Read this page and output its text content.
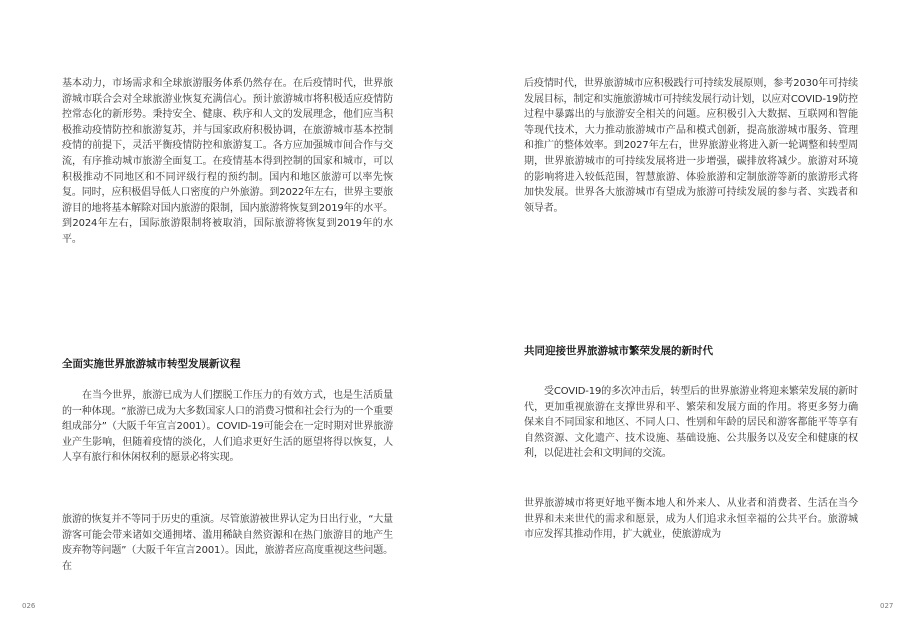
基本动力，市场需求和全球旅游服务体系仍然存在。在后疫情时代，世界旅游城市联合会对全球旅游业恢复充满信心。预计旅游城市将积极适应疫情防控常态化的新形势。秉持安全、健康、秩序和人文的发展理念，他们应当积极推动疫情防控和旅游复苏，并与国家政府积极协调，在旅游城市基本控制疫情的前提下，灵活平衡疫情防控和旅游复工。各方应加强城市间合作与交流，有序推动城市旅游全面复工。在疫情基本得到控制的国家和城市，可以积极推动不同地区和不同评级行程的预约制。国内和地区旅游可以率先恢复。同时，应积极倡导低人口密度的户外旅游。到2022年左右，世界主要旅游目的地将基本解除对国内旅游的限制，国内旅游将恢复到2019年的水平。到2024年左右，国际旅游限制将被取消，国际旅游将恢复到2019年的水平。

全面实施世界旅游城市转型发展新议程

在当今世界，旅游已成为人们摆脱工作压力的有效方式，也是生活质量的一种体现。“旅游已成为大多数国家人口的消费习惯和社会行为的一个重要组成部分”（大阪千年宣言2001）。COVID-19可能会在一定时期对世界旅游业产生影响，但随着疫情的淡化，人们追求更好生活的愿望将得以恢复，人人享有旅行和休闲权利的愿景必将实现。

旅游的恢复并不等同于历史的重演。尽管旅游被世界认定为日出行业，“大量游客可能会带来诸如交通拥堵、滥用稀缺自然资源和在热门旅游目的地产生废弃物等问题”（大阪千年宣言2001）。因此，旅游者应高度重视这些问题。在

026

后疫情时代，世界旅游城市应积极践行可持续发展原则，参考2030年可持续发展目标，制定和实施旅游城市可持续发展行动计划，以应对COVID-19防控过程中暴露出的与旅游安全相关的问题。应积极引入大数据、互联网和智能等现代技术，大力推动旅游城市产品和模式创新，提高旅游城市服务、管理和推广的整体效率。到2027年左右，世界旅游业将进入新一轮调整和转型周期，世界旅游城市的可持续发展将进一步增强，碳排放将减少。旅游对环境的影响将进入较低范围，智慧旅游、体验旅游和定制旅游等新的旅游形式将加快发展。世界各大旅游城市有望成为旅游可持续发展的参与者、实践者和领导者。

共同迎接世界旅游城市繁荣发展的新时代

受COVID-19的多次冲击后，转型后的世界旅游业将迎来繁荣发展的新时代，更加重视旅游在支撑世界和平、繁荣和发展方面的作用。将更多努力确保来自不同国家和地区、不同人口、性别和年龄的居民和游客都能平等享有自然资源、文化遗产、技术设施、基础设施、公共服务以及安全和健康的权利，以促进社会和文明间的交流。

世界旅游城市将更好地平衡本地人和外来人、从业者和消费者、生活在当今世界和未来世代的需求和愿景，成为人们追求永恒幸福的公共平台。旅游城市应发挥其推动作用，扩大就业，使旅游成为

027
